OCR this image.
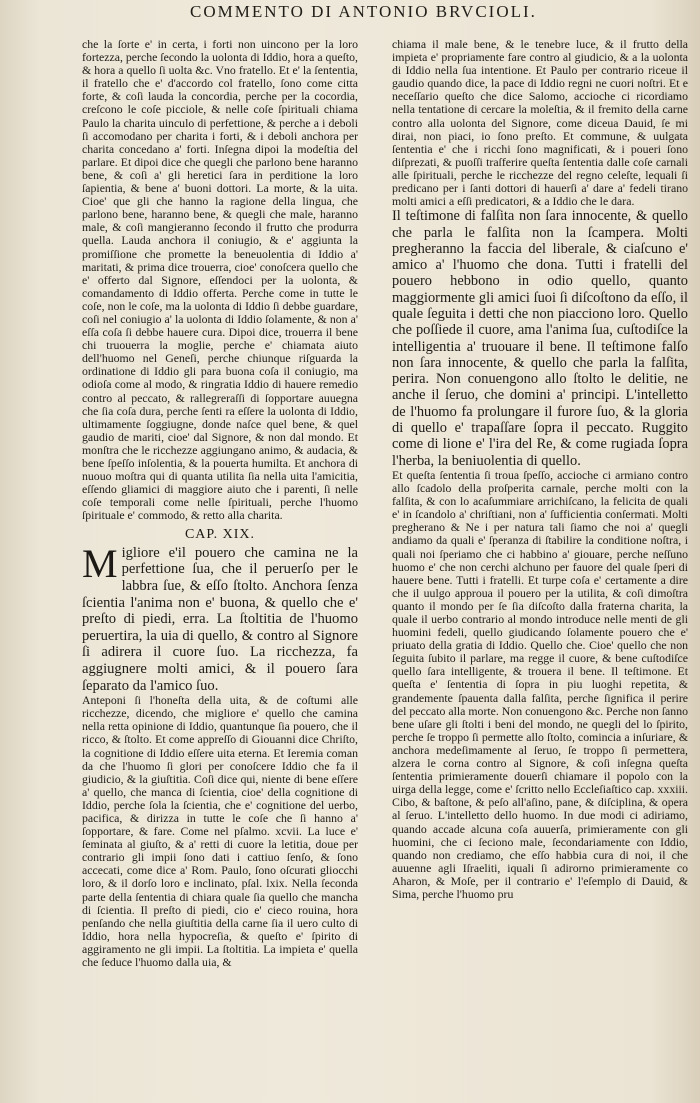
COMMENTO DI ANTONIO BRVCIOLI.

che la ſorte e' in certa, i forti non uincono per la loro fortezza, perche ſecondo la uolonta di Iddio, hora a queſto, & hora a quello ſi uolta &c. Vno fratello. Et e' la ſententia, il fratello che e' d'accordo col fratello, ſono come citta forte, & coſi lauda la concordia, perche per la cocordia, creſcono le coſe picciole, & nelle coſe ſpirituali chiama Paulo la charita uinculo di perfettione, & perche a i deboli ſi accomodano per charita i forti, & i deboli anchora per charita concedano a' forti. Inſegna dipoi la modeſtia del parlare. Et dipoi dice che quegli che parlono bene haranno bene, & coſi a' gli heretici ſara in perditione la loro ſapientia, & bene a' buoni dottori. La morte, & la uita. Cioe' que gli che hanno la ragione della lingua, che parlono bene, haranno bene, & quegli che male, haranno male, & coſi mangieranno ſecondo il frutto che produrra quella. Lauda anchora il coniugio, & e' aggiunta la promiſſione che promette la beneuolentia di Iddio a' maritati, & prima dice trouerra, cioe' conoſcera quello che e' offerto dal Signore, eſſendoci per la uolonta, & comandamento di Iddio offerta. Perche come in tutte le coſe, non le coſe, ma la uolonta di Iddio ſi debbe guardare, coſi nel coniugio a' la uolonta di Iddio ſolamente, & non a' eſſa coſa ſi debbe hauere cura. Dipoi dice, trouerra il bene chi truouerra la moglie, perche e' chiamata aiuto dell'huomo nel Geneſi, perche chiunque riſguarda la ordinatione di Iddio gli para buona coſa il coniugio, ma odioſa come al modo, & ringratia Iddio di hauere remedio contro al peccato, & rallegreraſſi di ſopportare auuegna che ſia coſa dura, perche ſenti ra eſſere la uolonta di Iddio, ultimamente ſoggiugne, donde naſce quel bene, & quel gaudio de mariti, cioe' dal Signore, & non dal mondo. Et monſtra che le ricchezze aggiungano animo, & audacia, & bene ſpeſſo inſolentia, & la pouerta humilta. Et anchora di nuouo moſtra qui di quanta utilita ſia nella uita l'amicitia, eſſendo gliamici di maggiore aiuto che i parenti, ſi nelle coſe temporali come nelle ſpirituali, perche l'huomo ſpirituale e' commodo, & retto alla charita.

CAP. XIX.

Migliore e'il pouero che camina ne la perfettione ſua, che il peruerſo per le labbra ſue, & eſſo ſtolto. Anchora ſenza ſcientia l'anima non e' buona, & quello che e' preſto di piedi, erra. La ſtoltitia de l'huomo peruertira, la uia di quello, & contro al Signore ſi adirera il cuore ſuo. La ricchezza, fa aggiugnere molti amici, & il pouero ſara ſeparato da l'amico ſuo.

Anteponi ſi l'honeſta della uita, & de coſtumi alle ricchezze, dicendo, che migliore e' quello che camina nella retta opinione di Iddio, quantunque ſia pouero, che il ricco, & ſtolto. Et come appreſſo di Giouanni dice Chriſto, la cognitione di Iddio eſſere uita eterna. Et Ieremia coman da che l'huomo ſi glori per conoſcere Iddio che fa il giudicio, & la giuſtitia. Coſi dice qui, niente di bene eſſere a' quello, che manca di ſcientia, cioe' della cognitione di Iddio, perche ſola la ſcientia, che e' cognitione del uerbo, pacifica, & dirizza in tutte le coſe che ſi hanno a' ſopportare, & fare. Come nel pſalmo. xcvii. La luce e' ſeminata al giuſto, & a' retti di cuore la letitia, doue per contrario gli impii ſono dati i cattiuo ſenſo, & ſono accecati, come dice a' Rom. Paulo, ſono oſcurati gliocchi loro, & il dorſo loro e inclinato, pſal. lxix. Nella ſeconda parte della ſententia di chiara quale ſia quello che mancha di ſcientia. Il preſto di piedi, cio e' cieco rouina, hora penſando che nella giuſtitia della carne ſia il uero culto di Iddio, hora nella hypocreſia, & queſto e' ſpirito di aggiramento ne gli impii. La ſtoltitia. La impieta e' quella che ſeduce l'huomo dalla uia, &

chiama il male bene, & le tenebre luce, & il frutto della impieta e' propriamente fare contro al giudicio, & a la uolonta di Iddio nella ſua intentione. Et Paulo per contrario riceue il gaudio quando dice, la pace di Iddio regni ne cuori noſtri. Et e neceſſario queſto che dice Salomo, accioche ci ricordiamo nella tentatione di cercare la moleſtia, & il fremito della carne contro alla uolonta del Signore, come diceua Dauid, ſe mi dirai, non piaci, io ſono preſto. Et commune, & uulgata ſententia e' che i ricchi ſono magnificati, & i poueri ſono diſprezati, & puoſſi traſferire queſta ſententia dalle coſe carnali alle ſpirituali, perche le ricchezze del regno celeſte, lequali ſi predicano per i ſanti dottori di hauerſi a' dare a' fedeli tirano molti amici a eſſi predicatori, & a Iddio che le dara.

Il teſtimone di falſita non ſara innocente, & quello che parla le falſita non la ſcampera. Molti pregheranno la faccia del liberale, & ciaſcuno e' amico a' l'huomo che dona. Tutti i fratelli del pouero hebbono in odio quello, quanto maggiormente gli amici ſuoi ſi diſcoſtono da eſſo, il quale ſeguita i detti che non piacciono loro. Quello che poſſiede il cuore, ama l'anima ſua, cuſtodiſce la intelligentia a' truouare il bene. Il teſtimone falſo non ſara innocente, & quello che parla la falſita, perira. Non conuengono allo ſtolto le delitie, ne anche il ſeruo, che domini a' principi. L'intelletto de l'huomo fa prolungare il furore ſuo, & la gloria di quello e' trapaſſare ſopra il peccato. Ruggito come di lione e' l'ira del Re, & come rugiada ſopra l'herba, la beniuolentia di quello.

Et queſta ſententia ſi troua ſpeſſo, accioche ci armiano contro allo ſcadolo della proſperita carnale, perche molti con la falſita, & con lo acaſummiare arrichiſcano, la felicita de quali e' in ſcandolo a' chriſtiani, non a' ſufficientia conſermati. Molti pregherano & Ne i per natura tali ſiamo che noi a' quegli andiamo da quali e' ſperanza di ſtabilire la conditione noſtra, i quali noi ſperiamo che ci habbino a' giouare, perche neſſuno huomo e' che non cerchi alchuno per fauore del quale ſperi di hauere bene. Tutti i fratelli. Et turpe coſa e' certamente a dire che il uulgo approua il pouero per la utilita, & coſi dimoſtra quanto il mondo per ſe ſia diſcoſto dalla fraterna charita, la quale il uerbo contrario al mondo introduce nelle menti de gli huomini fedeli, quello giudicando ſolamente pouero che e' priuato della gratia di Iddio. Quello che. Cioe' quello che non ſeguita ſubito il parlare, ma regge il cuore, & bene cuſtodiſce quello ſara intelligente, & trouera il bene. Il teſtimone. Et queſta e' ſententia di ſopra in piu luoghi repetita, & grandemente ſpauenta dalla falſita, perche ſignifica il perire del peccato alla morte. Non conuengono &c. Perche non ſanno bene uſare gli ſtolti i beni del mondo, ne quegli del lo ſpirito, perche ſe troppo ſi permette allo ſtolto, comincia a inſuriare, & anchora medeſimamente al ſeruo, ſe troppo ſi permettera, alzera le corna contro al Signore, & coſi inſegna queſta ſententia primieramente douerſi chiamare il popolo con la uirga della legge, come e' ſcritto nello Eccleſiaſtico cap. xxxiii. Cibo, & baſtone, & peſo all'aſino, pane, & diſciplina, & opera al ſeruo. L'intelletto dello huomo. In due modi ci adiriamo, quando accade alcuna coſa auuerſa, primieramente con gli huomini, che ci ſeciono male, ſecondariamente con Iddio, quando non crediamo, che eſſo habbia cura di noi, il che auuenne agli Iſraeliti, iquali ſi adirorno primieramente co Aharon, & Moſe, per il contrario e' l'eſemplo di Dauid, & Sima, perche l'huomo pru
